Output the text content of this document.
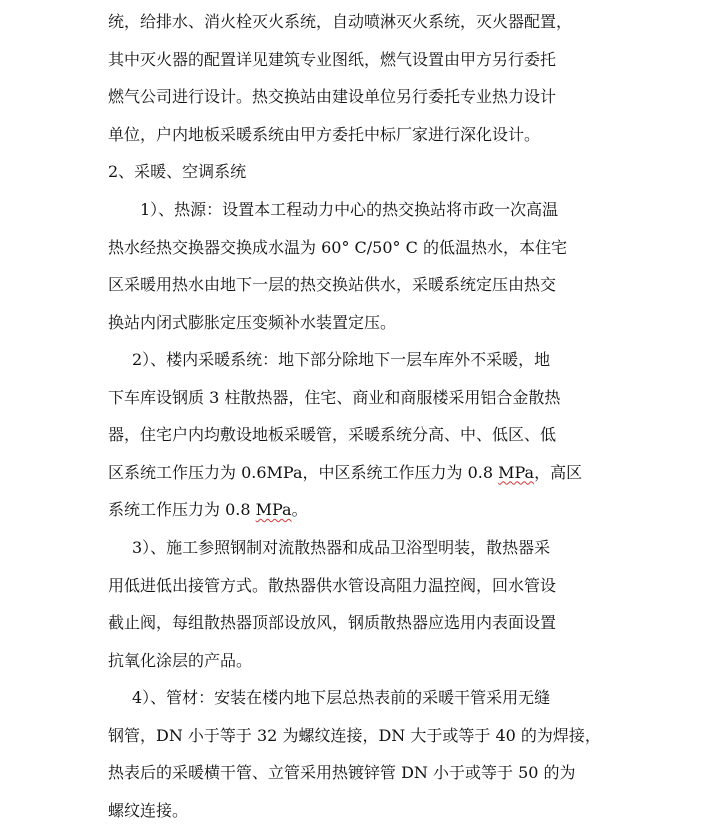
统，给排水、消火栓灭火系统，自动喷淋灭火系统，灭火器配置，
其中灭火器的配置详见建筑专业图纸，燃气设置由甲方另行委托
燃气公司进行设计。热交换站由建设单位另行委托专业热力设计
单位，户内地板采暖系统由甲方委托中标厂家进行深化设计。
2、采暖、空调系统
1）、热源：设置本工程动力中心的热交换站将市政一次高温
热水经热交换器交换成水温为 60° C/50° C 的低温热水，本住宅
区采暖用热水由地下一层的热交换站供水，采暖系统定压由热交
换站内闭式膨胀定压变频补水装置定压。
2）、楼内采暖系统：地下部分除地下一层车库外不采暖，地
下车库设钢质 3 柱散热器，住宅、商业和商服楼采用铝合金散热
器，住宅户内均敷设地板采暖管，采暖系统分高、中、低区、低
区系统工作压力为 0.6MPa，中区系统工作压力为 0.8 MPa，高区
系统工作压力为 0.8 MPa。
3）、施工参照钢制对流散热器和成品卫浴型明装，散热器采
用低进低出接管方式。散热器供水管设高阻力温控阀，回水管设
截止阀，每组散热器顶部设放风，钢质散热器应选用内表面设置
抗氧化涂层的产品。
4）、管材：安装在楼内地下层总热表前的采暖干管采用无缝
钢管，DN 小于等于 32 为螺纹连接，DN 大于或等于 40 的为焊接，
热表后的采暖横干管、立管采用热镀锌管 DN 小于或等于 50 的为
螺纹连接。
